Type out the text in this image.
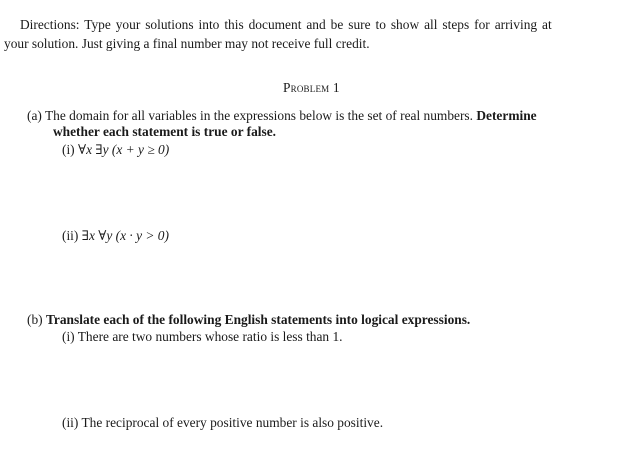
Directions: Type your solutions into this document and be sure to show all steps for arriving at
your solution. Just giving a final number may not receive full credit.
Problem 1
(a) The domain for all variables in the expressions below is the set of real numbers. Determine
whether each statement is true or false.
(i) ∀x ∃y (x + y ≥ 0)
(ii) ∃x ∀y (x · y > 0)
(b) Translate each of the following English statements into logical expressions.
(i) There are two numbers whose ratio is less than 1.
(ii) The reciprocal of every positive number is also positive.
